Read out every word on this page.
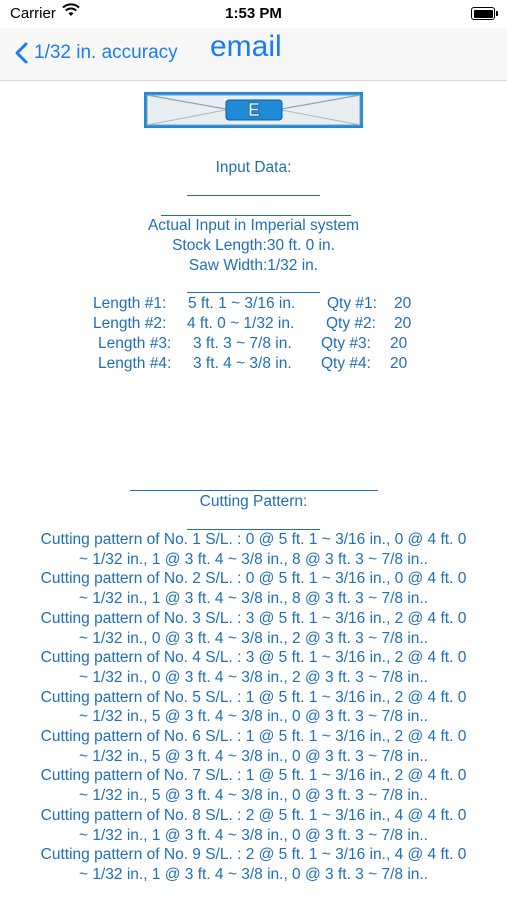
Carrier	1:53 PM
1/32 in. accuracy email
E
Input Data:
Actual Input in Imperial system
Stock Length:30 ft. 0 in.
Saw Width:1/32 in.
Length #1: 5 ft. 1 ~ 3/16 in. Qty #1: 20
Length #2: 4 ft. 0 ~ 1/32 in. Qty #2: 20
Length #3: 3 ft. 3 ~ 7/8 in. Qty #3: 20
Length #4: 3 ft. 4 ~ 3/8 in. Qty #4: 20
Cutting Pattern:
Cutting pattern of No. 1 S/L. : 0 @ 5 ft. 1 ~ 3/16 in., 0 @ 4 ft. 0
~ 1/32 in., 1 @ 3 ft. 4 ~ 3/8 in., 8 @ 3 ft. 3 ~ 7/8 in..
Cutting pattern of No. 2 S/L. : 0 @ 5 ft. 1 ~ 3/16 in., 0 @ 4 ft. 0
~ 1/32 in., 1 @ 3 ft. 4 ~ 3/8 in., 8 @ 3 ft. 3 ~ 7/8 in..
Cutting pattern of No. 3 S/L. : 3 @ 5 ft. 1 ~ 3/16 in., 2 @ 4 ft. 0
~ 1/32 in., 0 @ 3 ft. 4 ~ 3/8 in., 2 @ 3 ft. 3 ~ 7/8 in..
Cutting pattern of No. 4 S/L. : 3 @ 5 ft. 1 ~ 3/16 in., 2 @ 4 ft. 0
~ 1/32 in., 0 @ 3 ft. 4 ~ 3/8 in., 2 @ 3 ft. 3 ~ 7/8 in..
Cutting pattern of No. 5 S/L. : 1 @ 5 ft. 1 ~ 3/16 in., 2 @ 4 ft. 0
~ 1/32 in., 5 @ 3 ft. 4 ~ 3/8 in., 0 @ 3 ft. 3 ~ 7/8 in..
Cutting pattern of No. 6 S/L. : 1 @ 5 ft. 1 ~ 3/16 in., 2 @ 4 ft. 0
~ 1/32 in., 5 @ 3 ft. 4 ~ 3/8 in., 0 @ 3 ft. 3 ~ 7/8 in..
Cutting pattern of No. 7 S/L. : 1 @ 5 ft. 1 ~ 3/16 in., 2 @ 4 ft. 0
~ 1/32 in., 5 @ 3 ft. 4 ~ 3/8 in., 0 @ 3 ft. 3 ~ 7/8 in..
Cutting pattern of No. 8 S/L. : 2 @ 5 ft. 1 ~ 3/16 in., 4 @ 4 ft. 0
~ 1/32 in., 1 @ 3 ft. 4 ~ 3/8 in., 0 @ 3 ft. 3 ~ 7/8 in..
Cutting pattern of No. 9 S/L. : 2 @ 5 ft. 1 ~ 3/16 in., 4 @ 4 ft. 0
~ 1/32 in., 1 @ 3 ft. 4 ~ 3/8 in., 0 @ 3 ft. 3 ~ 7/8 in..
